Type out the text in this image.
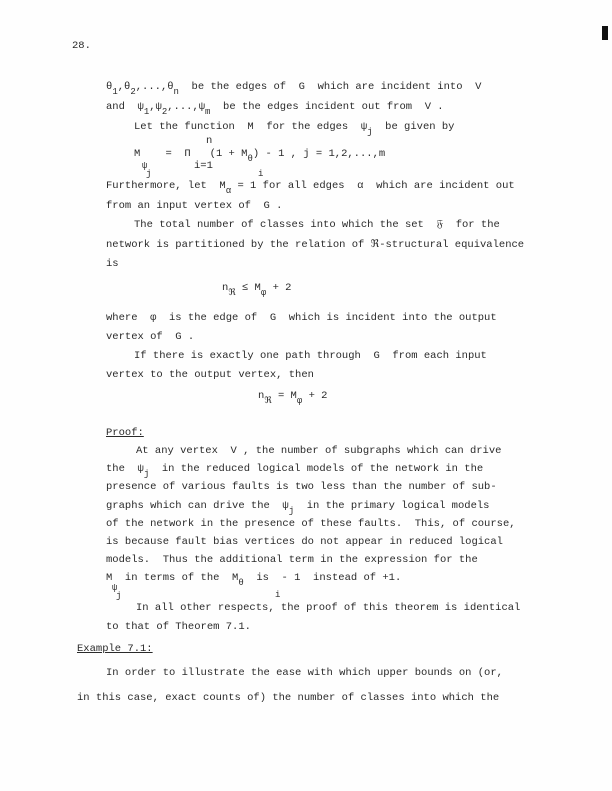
28.
θ1,θ2,...,θn  be the edges of  G  which are incident into  V
and  ψ1,ψ2,...,ψm  be the edges incident out from  V .
Let the function  M  for the edges  ψj  be given by
n
M =  Π   (1 + Mθ) - 1 , j = 1,2,...,m
ψ
j	i
i=1
Furthermore, let  Mα = 1 for all edges  α  which are incident out
from an input vertex of  G .
The total number of classes into which the set  𝔉  for the
network is partitioned by the relation of ℜ-structural equivalence
is
nℜ ≤ Mφ + 2
where  φ  is the edge of  G  which is incident into the output
vertex of  G .
If there is exactly one path through  G  from each input
vertex to the output vertex, then
nℜ = Mφ + 2
Proof:
At any vertex  V , the number of subgraphs which can drive
the  ψj  in the reduced logical models of the network in the
presence of various faults is two less than the number of sub-
graphs which can drive the  ψj  in the primary logical models
of the network in the presence of these faults.  This, of course,
is because fault bias vertices do not appear in reduced logical
models.  Thus the additional term in the expression for the
M  in terms of the  Mθ  is  - 1  instead of +1.
ψ
j	i
In all other respects, the proof of this theorem is identical
to that of Theorem 7.1.
Example 7.1:
In order to illustrate the ease with which upper bounds on (or,
in this case, exact counts of) the number of classes into which the
